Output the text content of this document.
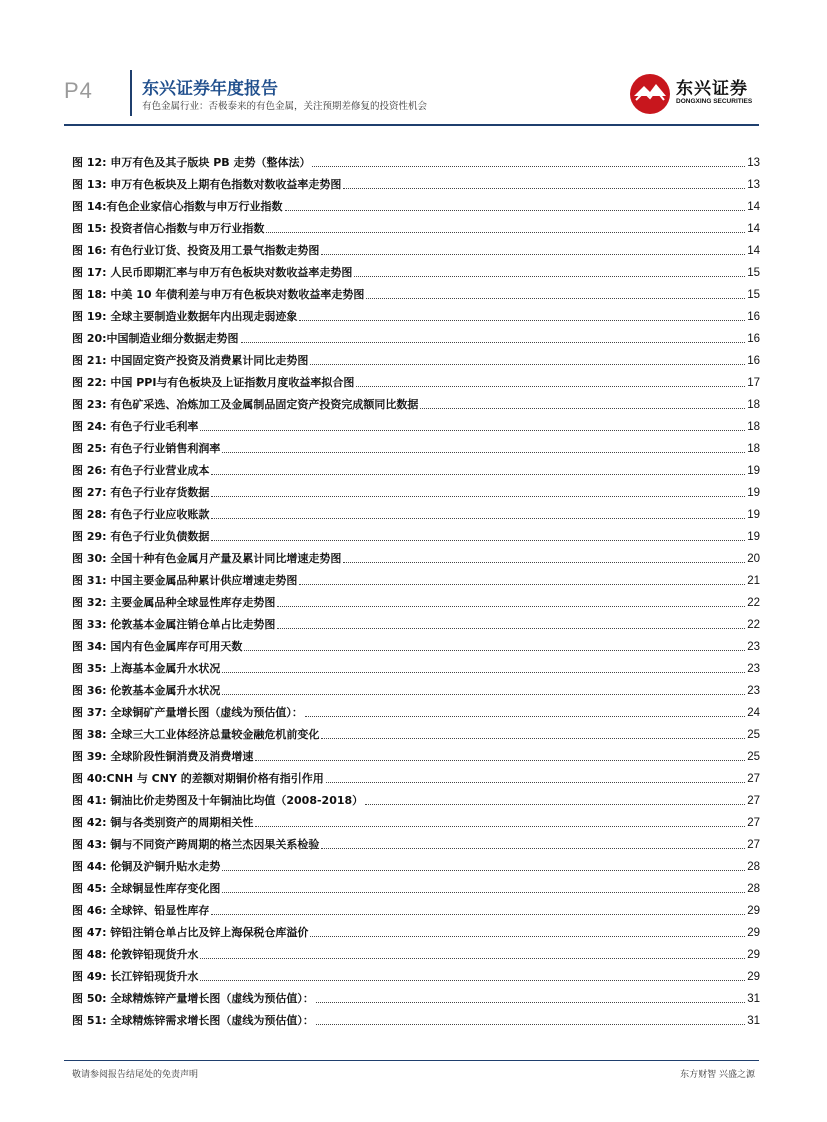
P4	东兴证券年度报告
有色金属行业：否极泰来的有色金属，关注预期差修复的投资性机会
东兴证券
DONGXING SECURITIES
图 12: 申万有色及其子版块 PB 走势（整体法）	13
图 13: 申万有色板块及上期有色指数对数收益率走势图	13
图 14:有色企业家信心指数与申万行业指数	14
图 15: 投资者信心指数与申万行业指数	14
图 16: 有色行业订货、投资及用工景气指数走势图	14
图 17: 人民币即期汇率与申万有色板块对数收益率走势图	15
图 18: 中美 10 年债利差与申万有色板块对数收益率走势图	15
图 19: 全球主要制造业数据年内出现走弱迹象	16
图 20:中国制造业细分数据走势图	16
图 21: 中国固定资产投资及消费累计同比走势图	16
图 22: 中国 PPI与有色板块及上证指数月度收益率拟合图	17
图 23: 有色矿采选、冶炼加工及金属制品固定资产投资完成额同比数据	18
图 24: 有色子行业毛利率	18
图 25: 有色子行业销售利润率	18
图 26: 有色子行业营业成本	19
图 27: 有色子行业存货数据	19
图 28: 有色子行业应收账款	19
图 29: 有色子行业负债数据	19
图 30: 全国十种有色金属月产量及累计同比增速走势图	20
图 31: 中国主要金属品种累计供应增速走势图	21
图 32: 主要金属品种全球显性库存走势图	22
图 33: 伦敦基本金属注销仓单占比走势图	22
图 34: 国内有色金属库存可用天数	23
图 35: 上海基本金属升水状况	23
图 36: 伦敦基本金属升水状况	23
图 37: 全球铜矿产量增长图（虚线为预估值）：	24
图 38: 全球三大工业体经济总量较金融危机前变化	25
图 39: 全球阶段性铜消费及消费增速	25
图 40:CNH 与 CNY 的差额对期铜价格有指引作用	27
图 41: 铜油比价走势图及十年铜油比均值（2008-2018）	27
图 42: 铜与各类别资产的周期相关性	27
图 43: 铜与不同资产跨周期的格兰杰因果关系检验	27
图 44: 伦铜及沪铜升贴水走势	28
图 45: 全球铜显性库存变化图	28
图 46: 全球锌、铅显性库存	29
图 47: 锌铅注销仓单占比及锌上海保税仓库溢价	29
图 48: 伦敦锌铅现货升水	29
图 49: 长江锌铅现货升水	29
图 50: 全球精炼锌产量增长图（虚线为预估值）：	31
图 51: 全球精炼锌需求增长图（虚线为预估值）：	31
敬请参阅报告结尾处的免责声明	东方财智 兴盛之源
